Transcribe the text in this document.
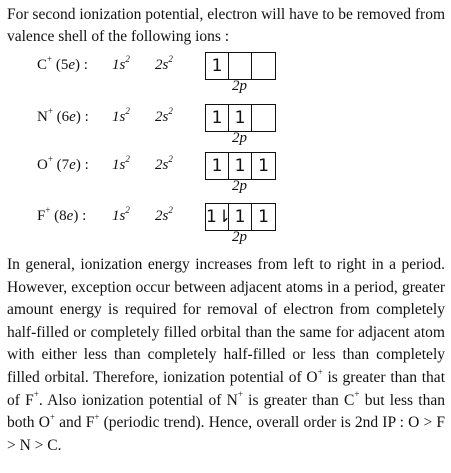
For second ionization potential, electron will have to be removed from valence shell of the following ions :
C+ (5e) : $1s^2$ $2s^2$	1
2p
N+ (6e) : $1s^2$ $2s^2$	1 1
2p
O+ (7e) : $1s^2$ $2s^2$	1 1 1
2p
F+ (8e) : $1s^2$ $2s^2$ 1⇂ 1 1
2p

In general, ionization energy increases from left to right in a period. However, exception occur between adjacent atoms in a period, greater amount energy is required for removal of electron from completely half-filled or completely filled orbital than the same for adjacent atom with either less than completely half-filled or less than completely filled orbital. Therefore, ionization potential of O+ is greater than that of F+. Also ionization potential of N+ is greater than C+ but less than both O+ and F+ (periodic trend). Hence, overall order is 2nd IP : O > F > N > C.
